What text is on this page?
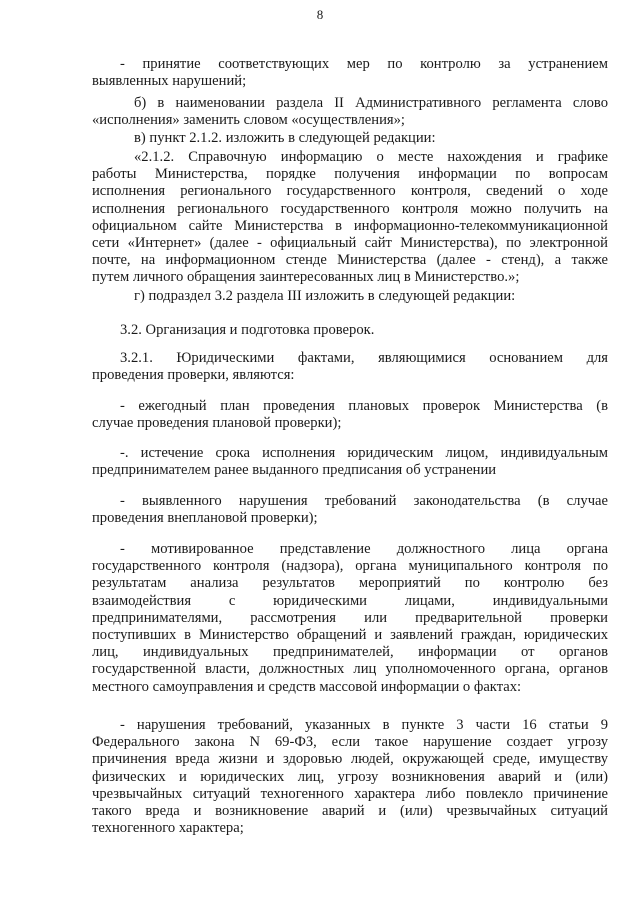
8
- принятие соответствующих мер по контролю за устранением
выявленных нарушений;
б) в наименовании раздела II Административного регламента слово
«исполнения» заменить словом «осуществления»;
в) пункт 2.1.2. изложить в следующей редакции:
«2.1.2. Справочную информацию о месте нахождения и графике
работы Министерства, порядке получения информации по вопросам
исполнения регионального государственного контроля, сведений о ходе
исполнения регионального государственного контроля можно получить на
официальном сайте Министерства в информационно-телекоммуникационной
сети «Интернет» (далее - официальный сайт Министерства), по электронной
почте, на информационном стенде Министерства (далее - стенд), а также
путем личного обращения заинтересованных лиц в Министерство.»;
г) подраздел 3.2 раздела III изложить в следующей редакции:
3.2. Организация и подготовка проверок.
3.2.1. Юридическими фактами, являющимися основанием для
проведения проверки, являются:
- ежегодный план проведения плановых проверок Министерства (в
случае проведения плановой проверки);
-. истечение срока исполнения юридическим лицом, индивидуальным
предпринимателем ранее выданного предписания об устранении
- выявленного нарушения требований законодательства (в случае
проведения внеплановой проверки);
- мотивированное представление должностного лица органа
государственного контроля (надзора), органа муниципального контроля по
результатам анализа результатов мероприятий по контролю без
взаимодействия с юридическими лицами, индивидуальными
предпринимателями, рассмотрения или предварительной проверки
поступивших в Министерство обращений и заявлений граждан, юридических
лиц, индивидуальных предпринимателей, информации от органов
государственной власти, должностных лиц уполномоченного органа, органов
местного самоуправления и средств массовой информации о фактах:
- нарушения требований, указанных в пункте 3 части 16 статьи 9
Федерального закона N 69-ФЗ, если такое нарушение создает угрозу
причинения вреда жизни и здоровью людей, окружающей среде, имуществу
физических и юридических лиц, угрозу возникновения аварий и (или)
чрезвычайных ситуаций техногенного характера либо повлекло причинение
такого вреда и возникновение аварий и (или) чрезвычайных ситуаций
техногенного характера;
